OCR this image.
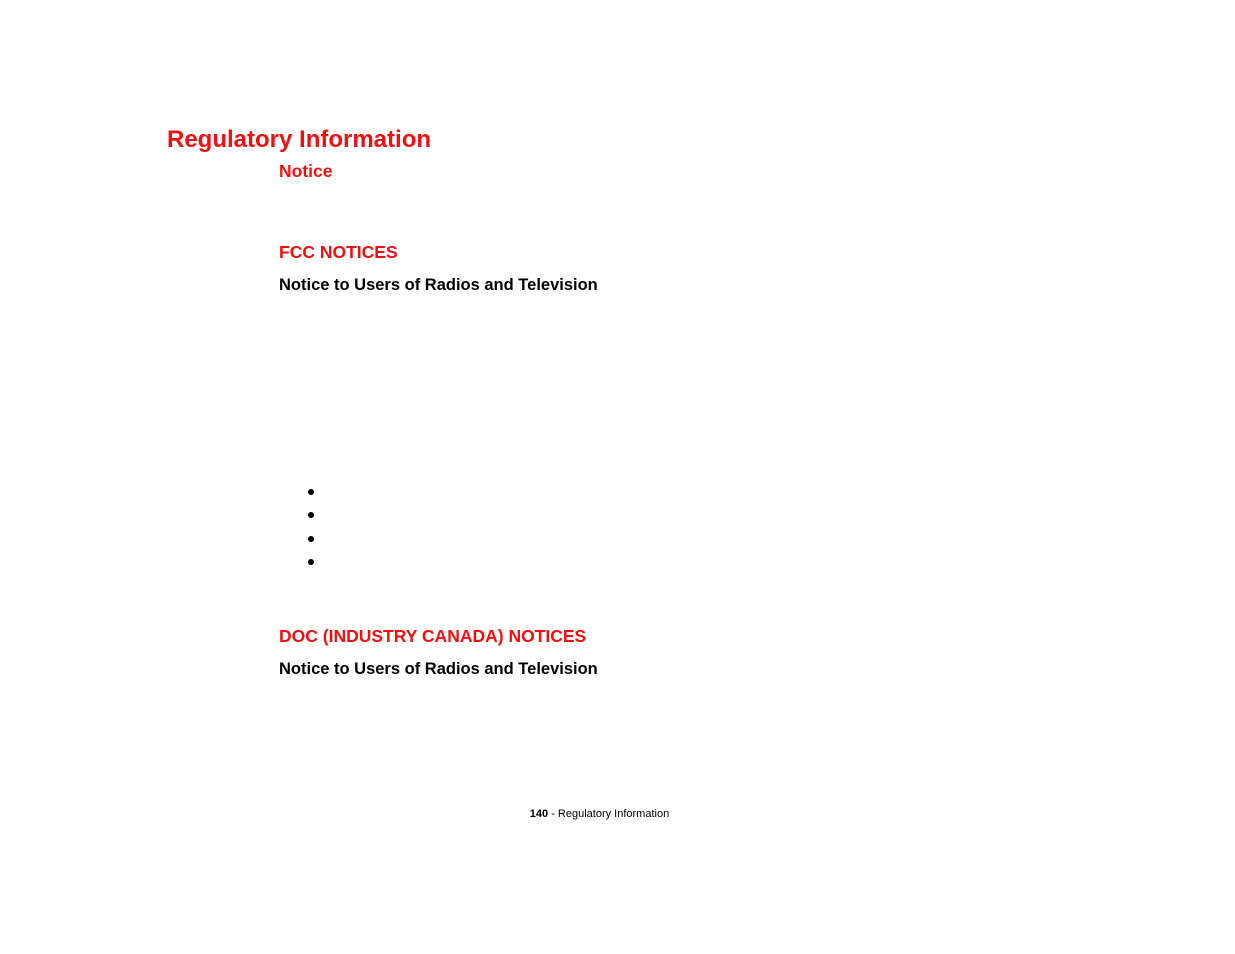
Regulatory Information
Notice
FCC NOTICES
Notice to Users of Radios and Television
DOC (INDUSTRY CANADA) NOTICES
Notice to Users of Radios and Television
140 - Regulatory Information
